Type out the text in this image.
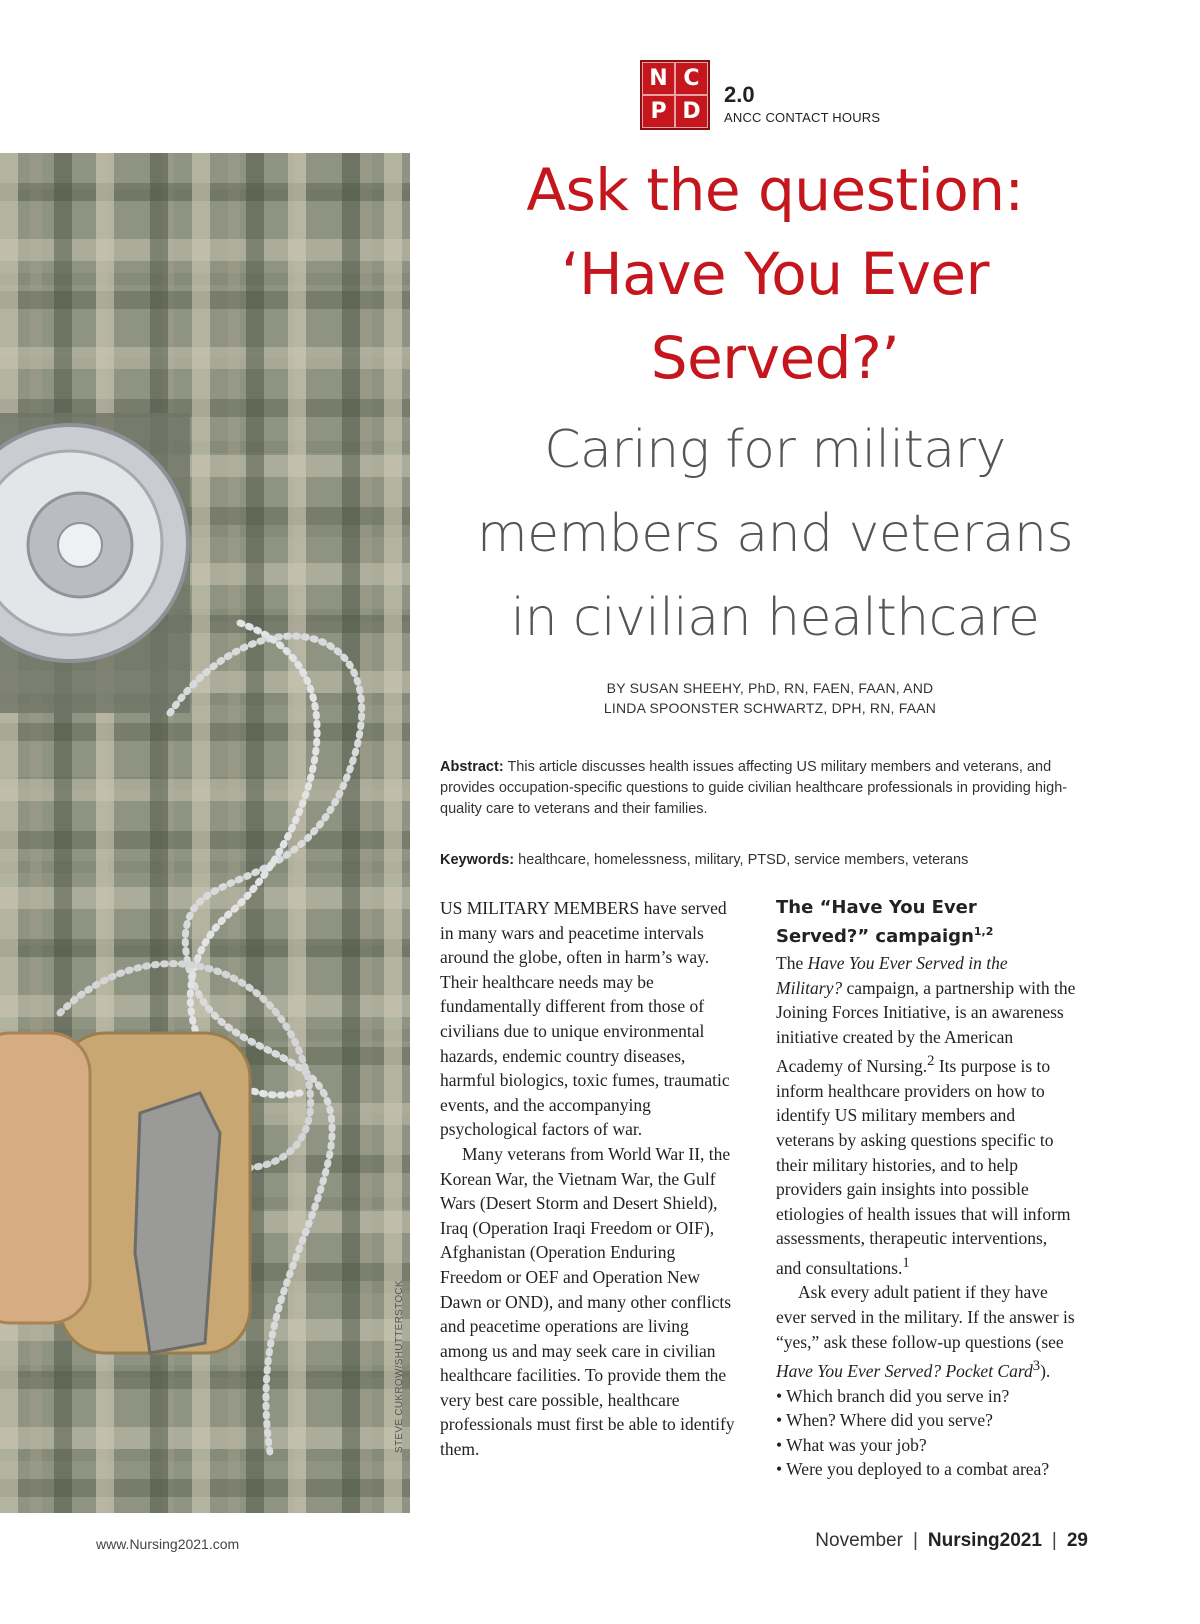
STEVE CUKROW/SHUTTERSTOCK
N C
P D
2.0
ANCC CONTACT HOURS
Ask the question:
‘Have You Ever
Served?’
Caring for military
members and veterans
in civilian healthcare
BY SUSAN SHEEHY, PhD, RN, FAEN, FAAN, AND
LINDA SPOONSTER SCHWARTZ, DPH, RN, FAAN
Abstract: This article discusses health issues affecting US military members and veterans, and provides occupation-specific questions to guide civilian healthcare professionals in providing high-quality care to veterans and their families.
Keywords: healthcare, homelessness, military, PTSD, service members, veterans

US MILITARY MEMBERS have served in many wars and peacetime intervals around the globe, often in harm’s way. Their healthcare needs may be fundamentally different from those of civilians due to unique environmental hazards, endemic country diseases, harmful biologics, toxic fumes, traumatic events, and the accompanying psychological factors of war.

Many veterans from World War II, the Korean War, the Vietnam War, the Gulf Wars (Desert Storm and Desert Shield), Iraq (Operation Iraqi Freedom or OIF), Afghanistan (Operation Enduring Freedom or OEF and Operation New Dawn or OND), and many other conflicts and peacetime operations are living among us and may seek care in civilian healthcare facilities. To provide them the very best care possible, healthcare professionals must first be able to identify them.

The “Have You Ever Served?” campaign$^{1,2}$

The Have You Ever Served in the Military? campaign, a partnership with the Joining Forces Initiative, is an awareness initiative created by the American Academy of Nursing.$^2$ Its purpose is to inform healthcare providers on how to identify US military members and veterans by asking questions specific to their military histories, and to help providers gain insights into possible etiologies of health issues that will inform assessments, therapeutic interventions, and consultations.$^1$

Ask every adult patient if they have ever served in the military. If the answer is “yes,” ask these follow-up questions (see Have You Ever Served? Pocket Card$^3$).

• Which branch did you serve in?
• When? Where did you serve?
• What was your job?
• Were you deployed to a combat area?
www.Nursing2021.com	November | Nursing2021 | 29
